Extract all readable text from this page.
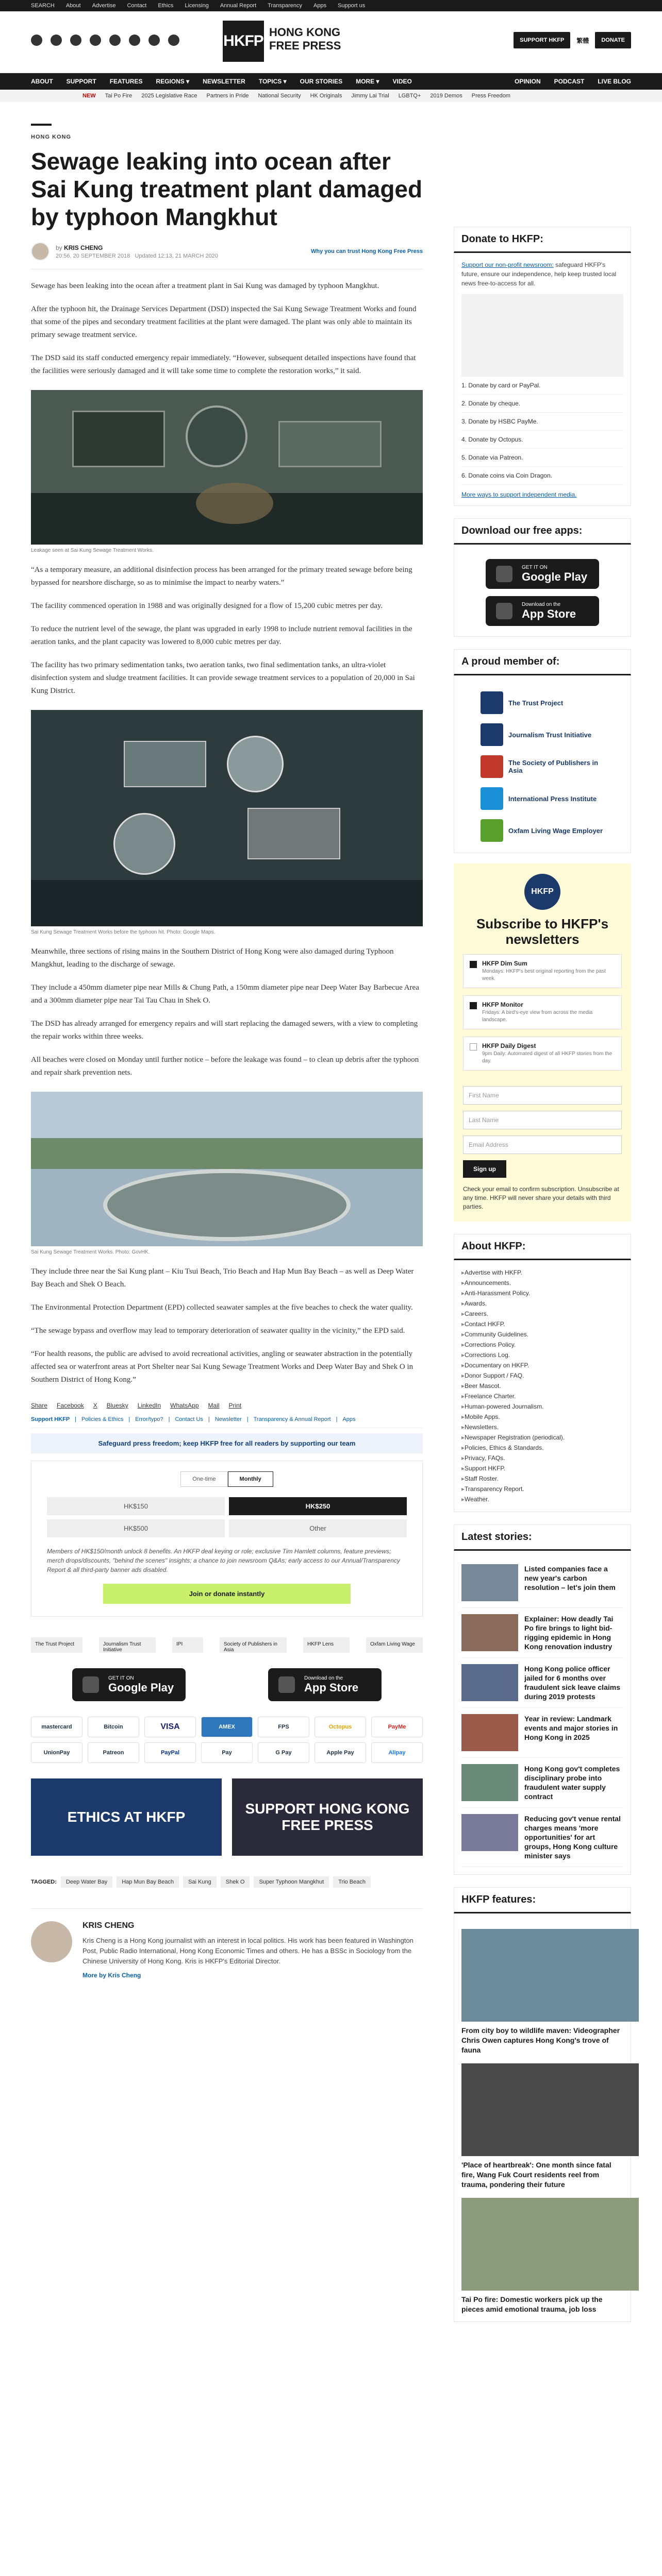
SEARCH About Advertise Contact Ethics Licensing Annual Report Transparency Apps Support us
HKFP
HONG KONG
FREE PRESS	SUPPORT HKFP	繁體	DONATE
ABOUT SUPPORT FEATURES REGIONS ▾ NEWSLETTER TOPICS ▾ OUR STORIES MORE ▾ VIDEO	OPINION PODCAST LIVE BLOG
NEW Tai Po Fire 2025 Legislative Race Partners in Pride National Security HK Originals Jimmy Lai Trial LGBTQ+ 2019 Demos Press Freedom
HONG KONG
Sewage leaking into ocean after Sai Kung treatment plant damaged by typhoon Mangkhut
by KRIS CHENG
20:56, 20 SEPTEMBER 2018 Updated 12:13, 21 MARCH 2020
Why you can trust Hong Kong Free Press

Sewage has been leaking into the ocean after a treatment plant in Sai Kung was damaged by typhoon Mangkhut.

After the typhoon hit, the Drainage Services Department (DSD) inspected the Sai Kung Sewage Treatment Works and found that some of the pipes and secondary treatment facilities at the plant were damaged. The plant was only able to maintain its primary sewage treatment service.

The DSD said its staff conducted emergency repair immediately. “However, subsequent detailed inspections have found that the facilities were seriously damaged and it will take some time to complete the restoration works,” it said.

Leakage seen at Sai Kung Sewage Treatment Works.

“As a temporary measure, an additional disinfection process has been arranged for the primary treated sewage before being bypassed for nearshore discharge, so as to minimise the impact to nearby waters.”

The facility commenced operation in 1988 and was originally designed for a flow of 15,200 cubic metres per day.

To reduce the nutrient level of the sewage, the plant was upgraded in early 1998 to include nutrient removal facilities in the aeration tanks, and the plant capacity was lowered to 8,000 cubic metres per day.

The facility has two primary sedimentation tanks, two aeration tanks, two final sedimentation tanks, an ultra-violet disinfection system and sludge treatment facilities. It can provide sewage treatment services to a population of 20,000 in Sai Kung District.

Sai Kung Sewage Treatment Works before the typhoon hit. Photo: Google Maps.

Meanwhile, three sections of rising mains in the Southern District of Hong Kong were also damaged during Typhoon Mangkhut, leading to the discharge of sewage.

They include a 450mm diameter pipe near Mills & Chung Path, a 150mm diameter pipe near Deep Water Bay Barbecue Area and a 300mm diameter pipe near Tai Tau Chau in Shek O.

The DSD has already arranged for emergency repairs and will start replacing the damaged sewers, with a view to completing the repair works within three weeks.

All beaches were closed on Monday until further notice – before the leakage was found – to clean up debris after the typhoon and repair shark prevention nets.

Sai Kung Sewage Treatment Works. Photo: GovHK.

They include three near the Sai Kung plant – Kiu Tsui Beach, Trio Beach and Hap Mun Bay Beach – as well as Deep Water Bay Beach and Shek O Beach.

The Environmental Protection Department (EPD) collected seawater samples at the five beaches to check the water quality.

“The sewage bypass and overflow may lead to temporary deterioration of seawater quality in the vicinity,” the EPD said.

“For health reasons, the public are advised to avoid recreational activities, angling or seawater abstraction in the potentially affected sea or waterfront areas at Port Shelter near Sai Kung Sewage Treatment Works and Deep Water Bay and Shek O in Southern District of Hong Kong.”

Share Facebook X Bluesky LinkedIn WhatsApp Mail Print
Support HKFP | Policies & Ethics | Error/typo? | Contact Us | Newsletter | Transparency & Annual Report | Apps
Safeguard press freedom; keep HKFP free for all readers by supporting our team
One-time	Monthly
HK$150	HK$250
HK$500	Other
Members of HK$150/month unlock 8 benefits. An HKFP deal keying or role; exclusive Tim Hamlett columns, feature previews; merch drops/discounts, "behind the scenes" insights; a chance to join newsroom Q&As; early access to our Annual/Transparency Report & all third-party banner ads disabled.
Join or donate instantly
The Trust Project	Journalism Trust Initiative
IPI	Society of Publishers in Asia
HKFP Lens	Oxfam Living Wage
GET IT ON
Google Play
Download on the
App Store
mastercard	Bitcoin	VISA	AMEX	FPS	Octopus	PayMe
UnionPay	Patreon	PayPal	Pay	G Pay	Apple Pay	Alipay
ETHICS AT HKFP
SUPPORT HONG KONG FREE PRESS
TAGGED:	Deep Water Bay	Hap Mun Bay Beach	Sai Kung	Shek O	Super Typhoon Mangkhut	Trio Beach
KRIS CHENG
Kris Cheng is a Hong Kong journalist with an interest in local politics. His work has been featured in Washington Post, Public Radio International, Hong Kong Economic Times and others. He has a BSSc in Sociology from the Chinese University of Hong Kong. Kris is HKFP's Editorial Director.
More by Kris Cheng
Donate to HKFP:
Support our non-profit newsroom: safeguard HKFP's future, ensure our independence, help keep trusted local news free-to-access for all.
1. Donate by card or PayPal.
2. Donate by cheque.
3. Donate by HSBC PayMe.
4. Donate by Octopus.
5. Donate via Patreon.
6. Donate coins via Coin Dragon.
More ways to support independent media.
Download our free apps:
GET IT ON
Google Play
Download on the
App Store
A proud member of:
The Trust Project
Journalism Trust Initiative
The Society of Publishers in Asia
International Press Institute
Oxfam Living Wage Employer
HKFP
Subscribe to HKFP's newsletters
HKFP Dim Sum
Mondays: HKFP's best original reporting from the past week.
HKFP Monitor
Fridays: A bird's-eye view from across the media landscape.
HKFP Daily Digest
9pm Daily: Automated digest of all HKFP stories from the day.
First Name
Last Name
Email Address
Sign up
Check your email to confirm subscription. Unsubscribe at any time. HKFP will never share your details with third parties.
About HKFP:
▸ Advertise with HKFP.
▸ Announcements.
▸ Anti-Harassment Policy.
▸ Awards.
▸ Careers.
▸ Contact HKFP.
▸ Community Guidelines.
▸ Corrections Policy.
▸ Corrections Log.
▸ Documentary on HKFP.
▸ Donor Support / FAQ.
▸ Beer Mascot.
▸ Freelance Charter.
▸ Human-powered Journalism.
▸ Mobile Apps.
▸ Newsletters.
▸ Newspaper Registration (periodical).
▸ Policies, Ethics & Standards.
▸ Privacy, FAQs.
▸ Support HKFP.
▸ Staff Roster.
▸ Transparency Report.
▸ Weather.
Latest stories:
Listed companies face a new year's carbon resolution – let's join them
Explainer: How deadly Tai Po fire brings to light bid-rigging epidemic in Hong Kong renovation industry
Hong Kong police officer jailed for 6 months over fraudulent sick leave claims during 2019 protests
Year in review: Landmark events and major stories in Hong Kong in 2025
Hong Kong gov't completes disciplinary probe into fraudulent water supply contract
Reducing gov't venue rental charges means 'more opportunities' for art groups, Hong Kong culture minister says
HKFP features:
From city boy to wildlife maven: Videographer Chris Owen captures Hong Kong's trove of fauna
'Place of heartbreak': One month since fatal fire, Wang Fuk Court residents reel from trauma, pondering their future
Tai Po fire: Domestic workers pick up the pieces amid emotional trauma, job loss
